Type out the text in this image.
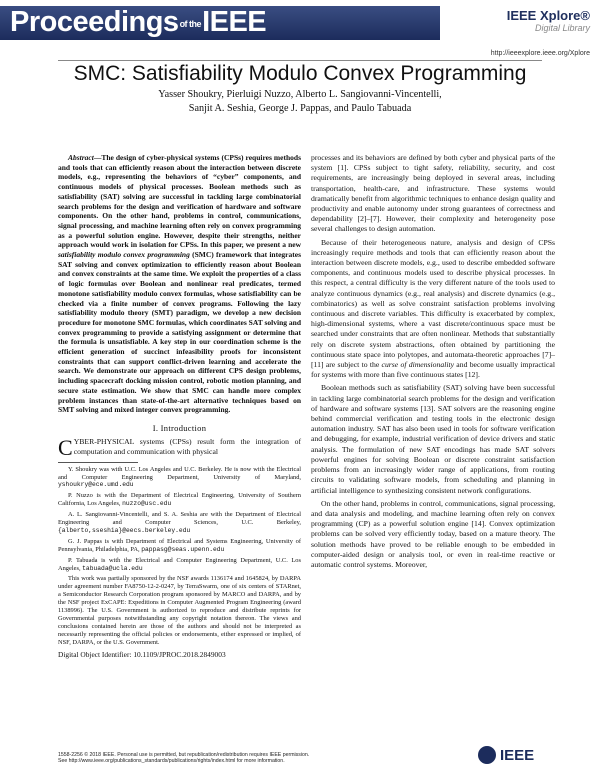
Proceedingsof theIEEE	IEEE Xplore®
Digital Library
http://ieeexplore.ieee.org/Xplore
SMC: Satisfiability Modulo Convex Programming
Yasser Shoukry, Pierluigi Nuzzo, Alberto L. Sangiovanni-Vincentelli,
Sanjit A. Seshia, George J. Pappas, and Paulo Tabuada

Abstract—The design of cyber-physical systems (CPSs) requires methods and tools that can efficiently reason about the interaction between discrete models, e.g., representing the behaviors of “cyber” components, and continuous models of physical processes. Boolean methods such as satisfiability (SAT) solving are successful in tackling large combinatorial search problems for the design and verification of hardware and software components. On the other hand, problems in control, communications, signal processing, and machine learning often rely on convex programming as a powerful solution engine. However, despite their strengths, neither approach would work in isolation for CPSs. In this paper, we present a new satisfiability modulo convex programming (SMC) framework that integrates SAT solving and convex optimization to efficiently reason about Boolean and convex constraints at the same time. We exploit the properties of a class of logic formulas over Boolean and nonlinear real predicates, termed monotone satisfiability modulo convex formulas, whose satisfiability can be checked via a finite number of convex programs. Following the lazy satisfiability modulo theory (SMT) paradigm, we develop a new decision procedure for monotone SMC formulas, which coordinates SAT solving and convex programming to provide a satisfying assignment or determine that the formula is unsatisfiable. A key step in our coordination scheme is the efficient generation of succinct infeasibility proofs for inconsistent constraints that can support conflict-driven learning and accelerate the search. We demonstrate our approach on different CPS design problems, including spacecraft docking mission control, robotic motion planning, and secure state estimation. We show that SMC can handle more complex problem instances than state-of-the-art alternative techniques based on SMT solving and mixed integer convex programming.

I. Introduction

CYBER-PHYSICAL systems (CPSs) result form the integration of computation and communication with physical

Y. Shoukry was with U.C. Los Angeles and U.C. Berkeley. He is now with the Electrical and Computer Engineering Department, University of Maryland, yshoukry@ece.umd.edu

P. Nuzzo is with the Department of Electrical Engineering, University of Southern California, Los Angeles, nuzzo@usc.edu

A. L. Sangiovanni-Vincentelli, and S. A. Seshia are with the Department of Electrical Engineering and Computer Sciences, U.C. Berkeley, {alberto,sseshia}@eecs.berkeley.edu

G. J. Pappas is with Department of Electrical and Systems Engineering, University of Pennsylvania, Philadelphia, PA, pappasg@seas.upenn.edu

P. Tabuada is with the Electrical and Computer Engineering Department, U.C. Los Angeles, tabuada@ucla.edu

This work was partially sponsored by the NSF awards 1136174 and 1645824, by DARPA under agreement number FA8750-12-2-0247, by TerraSwarm, one of six centers of STARnet, a Semiconductor Research Corporation program sponsored by MARCO and DARPA, and by the NSF project ExCAPE: Expeditions in Computer Augmented Program Engineering (award 1138996). The U.S. Government is authorized to reproduce and distribute reprints for Governmental purposes notwithstanding any copyright notation thereon. The views and conclusions contained herein are those of the authors and should not be interpreted as necessarily representing the official policies or endorsements, either expressed or implied, of NSF, DARPA, or the U.S. Government.

Digital Object Identifier: 10.1109/JPROC.2018.2849003

processes and its behaviors are defined by both cyber and physical parts of the system [1]. CPSs subject to tight safety, reliability, security, and cost requirements, are increasingly being deployed in several areas, including transportation, health-care, and infrastructure. These systems would dramatically benefit from algorithmic techniques to enhance design quality and productivity and enable autonomy under strong guarantees of correctness and dependability [2]–[7]. However, their complexity and heterogeneity pose several challenges to design automation.

Because of their heterogeneous nature, analysis and design of CPSs increasingly require methods and tools that can efficiently reason about the interaction between discrete models, e.g., used to describe embedded software components, and continuous models used to describe physical processes. In this respect, a central difficulty is the very different nature of the tools used to analyze continuous dynamics (e.g., real analysis) and discrete dynamics (e.g., combinatorics) as well as solve constraint satisfaction problems involving continuous and discrete variables. This difficulty is exacerbated by complex, high-dimensional systems, where a vast discrete/continuous space must be searched under constraints that are often nonlinear. Methods that substantially rely on discrete system abstractions, often obtained by partitioning the continuous state space into polytopes, and automata-theoretic approaches [7]–[11] are subject to the curse of dimensionality and become usually impractical for systems with more than five continuous states [12].

Boolean methods such as satisfiability (SAT) solving have been successful in tackling large combinatorial search problems for the design and verification of hardware and software systems [13]. SAT solvers are the reasoning engine behind commercial verification and testing tools in the electronic design automation industry. SAT has also been used in tools for software verification and debugging, for example, industrial verification of device drivers and static analysis. The formulation of new SAT encodings has made SAT solvers powerful engines for solving Boolean or discrete constraint satisfaction problems from an increasingly wider range of applications, from routing circuits to validating software models, from scheduling and planning in artificial intelligence to synthesizing consistent network configurations.

On the other hand, problems in control, communications, signal processing, and data analysis and modeling, and machine learning often rely on convex programming (CP) as a powerful solution engine [14]. Convex optimization problems can be solved very efficiently today, based on a mature theory. The solution methods have proved to be reliable enough to be embedded in computer-aided design or analysis tool, or even in real-time reactive or automatic control systems. Moreover,

1558-2256 © 2018 IEEE. Personal use is permitted, but republication/redistribution requires IEEE permission.
See http://www.ieee.org/publications_standards/publications/rights/index.html for more information.	IEEE
